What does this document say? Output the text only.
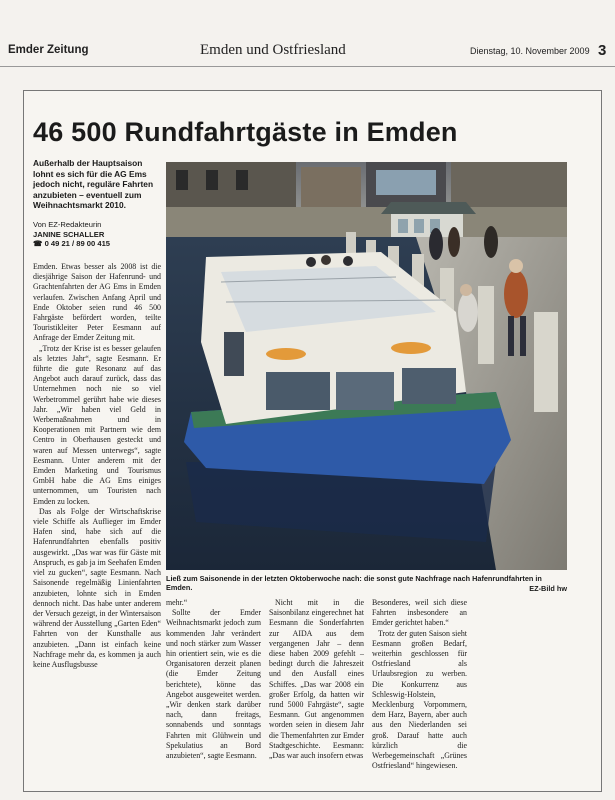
Emder Zeitung	Emden und Ostfriesland	Dienstag, 10. November 2009 3
46 500 Rundfahrtgäste in Emden
Außerhalb der Hauptsaison lohnt es sich für die AG Ems jedoch nicht, reguläre Fahrten anzubieten – eventuell zum Weihnachtsmarkt 2010.
Von EZ-Redakteurin
JANINE SCHALLER
☎ 0 49 21 / 89 00 415

Emden. Etwas besser als 2008 ist die diesjährige Saison der Hafenrund- und Grachtenfahrten der AG Ems in Emden verlaufen. Zwischen Anfang April und Ende Oktober seien rund 46 500 Fahrgäste befördert worden, teilte Touristikleiter Peter Eesmann auf Anfrage der Emder Zeitung mit.

„Trotz der Krise ist es besser gelaufen als letztes Jahr“, sagte Eesmann. Er führte die gute Resonanz auf das Angebot auch darauf zurück, dass das Unternehmen noch nie so viel Werbetrommel gerührt habe wie dieses Jahr. „Wir haben viel Geld in Werbemaßnahmen und in Kooperationen mit Partnern wie dem Centro in Oberhausen gesteckt und waren auf Messen unterwegs“, sagte Eesmann. Unter anderem mit der Emden Marketing und Tourismus GmbH habe die AG Ems einiges unternommen, um Touristen nach Emden zu locken.

Das als Folge der Wirtschaftskrise viele Schiffe als Auflieger im Emder Hafen sind, habe sich auf die Hafenrundfahrten ebenfalls positiv ausgewirkt. „Das war was für Gäste mit Anspruch, es gab ja im Seehafen Emden viel zu gucken“, sagte Eesmann. Nach Saisonende regelmäßig Linienfahrten anzubieten, lohnte sich in Emden dennoch nicht. Das habe unter anderem der Versuch gezeigt, in der Wintersaison während der Ausstellung „Garten Eden“ Fahrten von der Kunsthalle aus anzubieten. „Dann ist einfach keine Nachfrage mehr da, es kommen ja auch keine Ausflugsbusse

Ließ zum Saisonende in der letzten Oktoberwoche nach: die sonst gute Nachfrage nach Hafenrundfahrten in Emden.	EZ-Bild hw

mehr.“

Sollte der Emder Weihnachtsmarkt jedoch zum kommenden Jahr verändert und noch stärker zum Wasser hin orientiert sein, wie es die Organisatoren derzeit planen (die Emder Zeitung berichtete), könne das Angebot ausgeweitet werden. „Wir denken stark darüber nach, dann freitags, sonnabends und sonntags Fahrten mit Glühwein und Spekulatius an Bord anzubieten“, sagte Eesmann.

Nicht mit in die Saisonbilanz eingerechnet hat Eesmann die Sonderfahrten zur AIDA aus dem vergangenen Jahr – denn diese haben 2009 gefehlt – bedingt durch die Jahreszeit und den Ausfall eines Schiffes. „Das war 2008 ein großer Erfolg, da hatten wir rund 5000 Fahrgäste“, sagte Eesmann. Gut angenommen worden seien in diesem Jahr die Themenfahrten zur Emder Stadtgeschichte. Eesmann: „Das war auch insofern etwas

Besonderes, weil sich diese Fahrten insbesondere an Emder gerichtet haben.“

Trotz der guten Saison sieht Eesmann großen Bedarf, weiterhin geschlossen für Ostfriesland als Urlaubsregion zu werben. Die Konkurrenz aus Schleswig-Holstein, Mecklenburg Vorpommern, dem Harz, Bayern, aber auch aus den Niederlanden sei groß. Darauf hatte auch kürzlich die Werbegemeinschaft „Grünes Ostfriesland“ hingewiesen.
